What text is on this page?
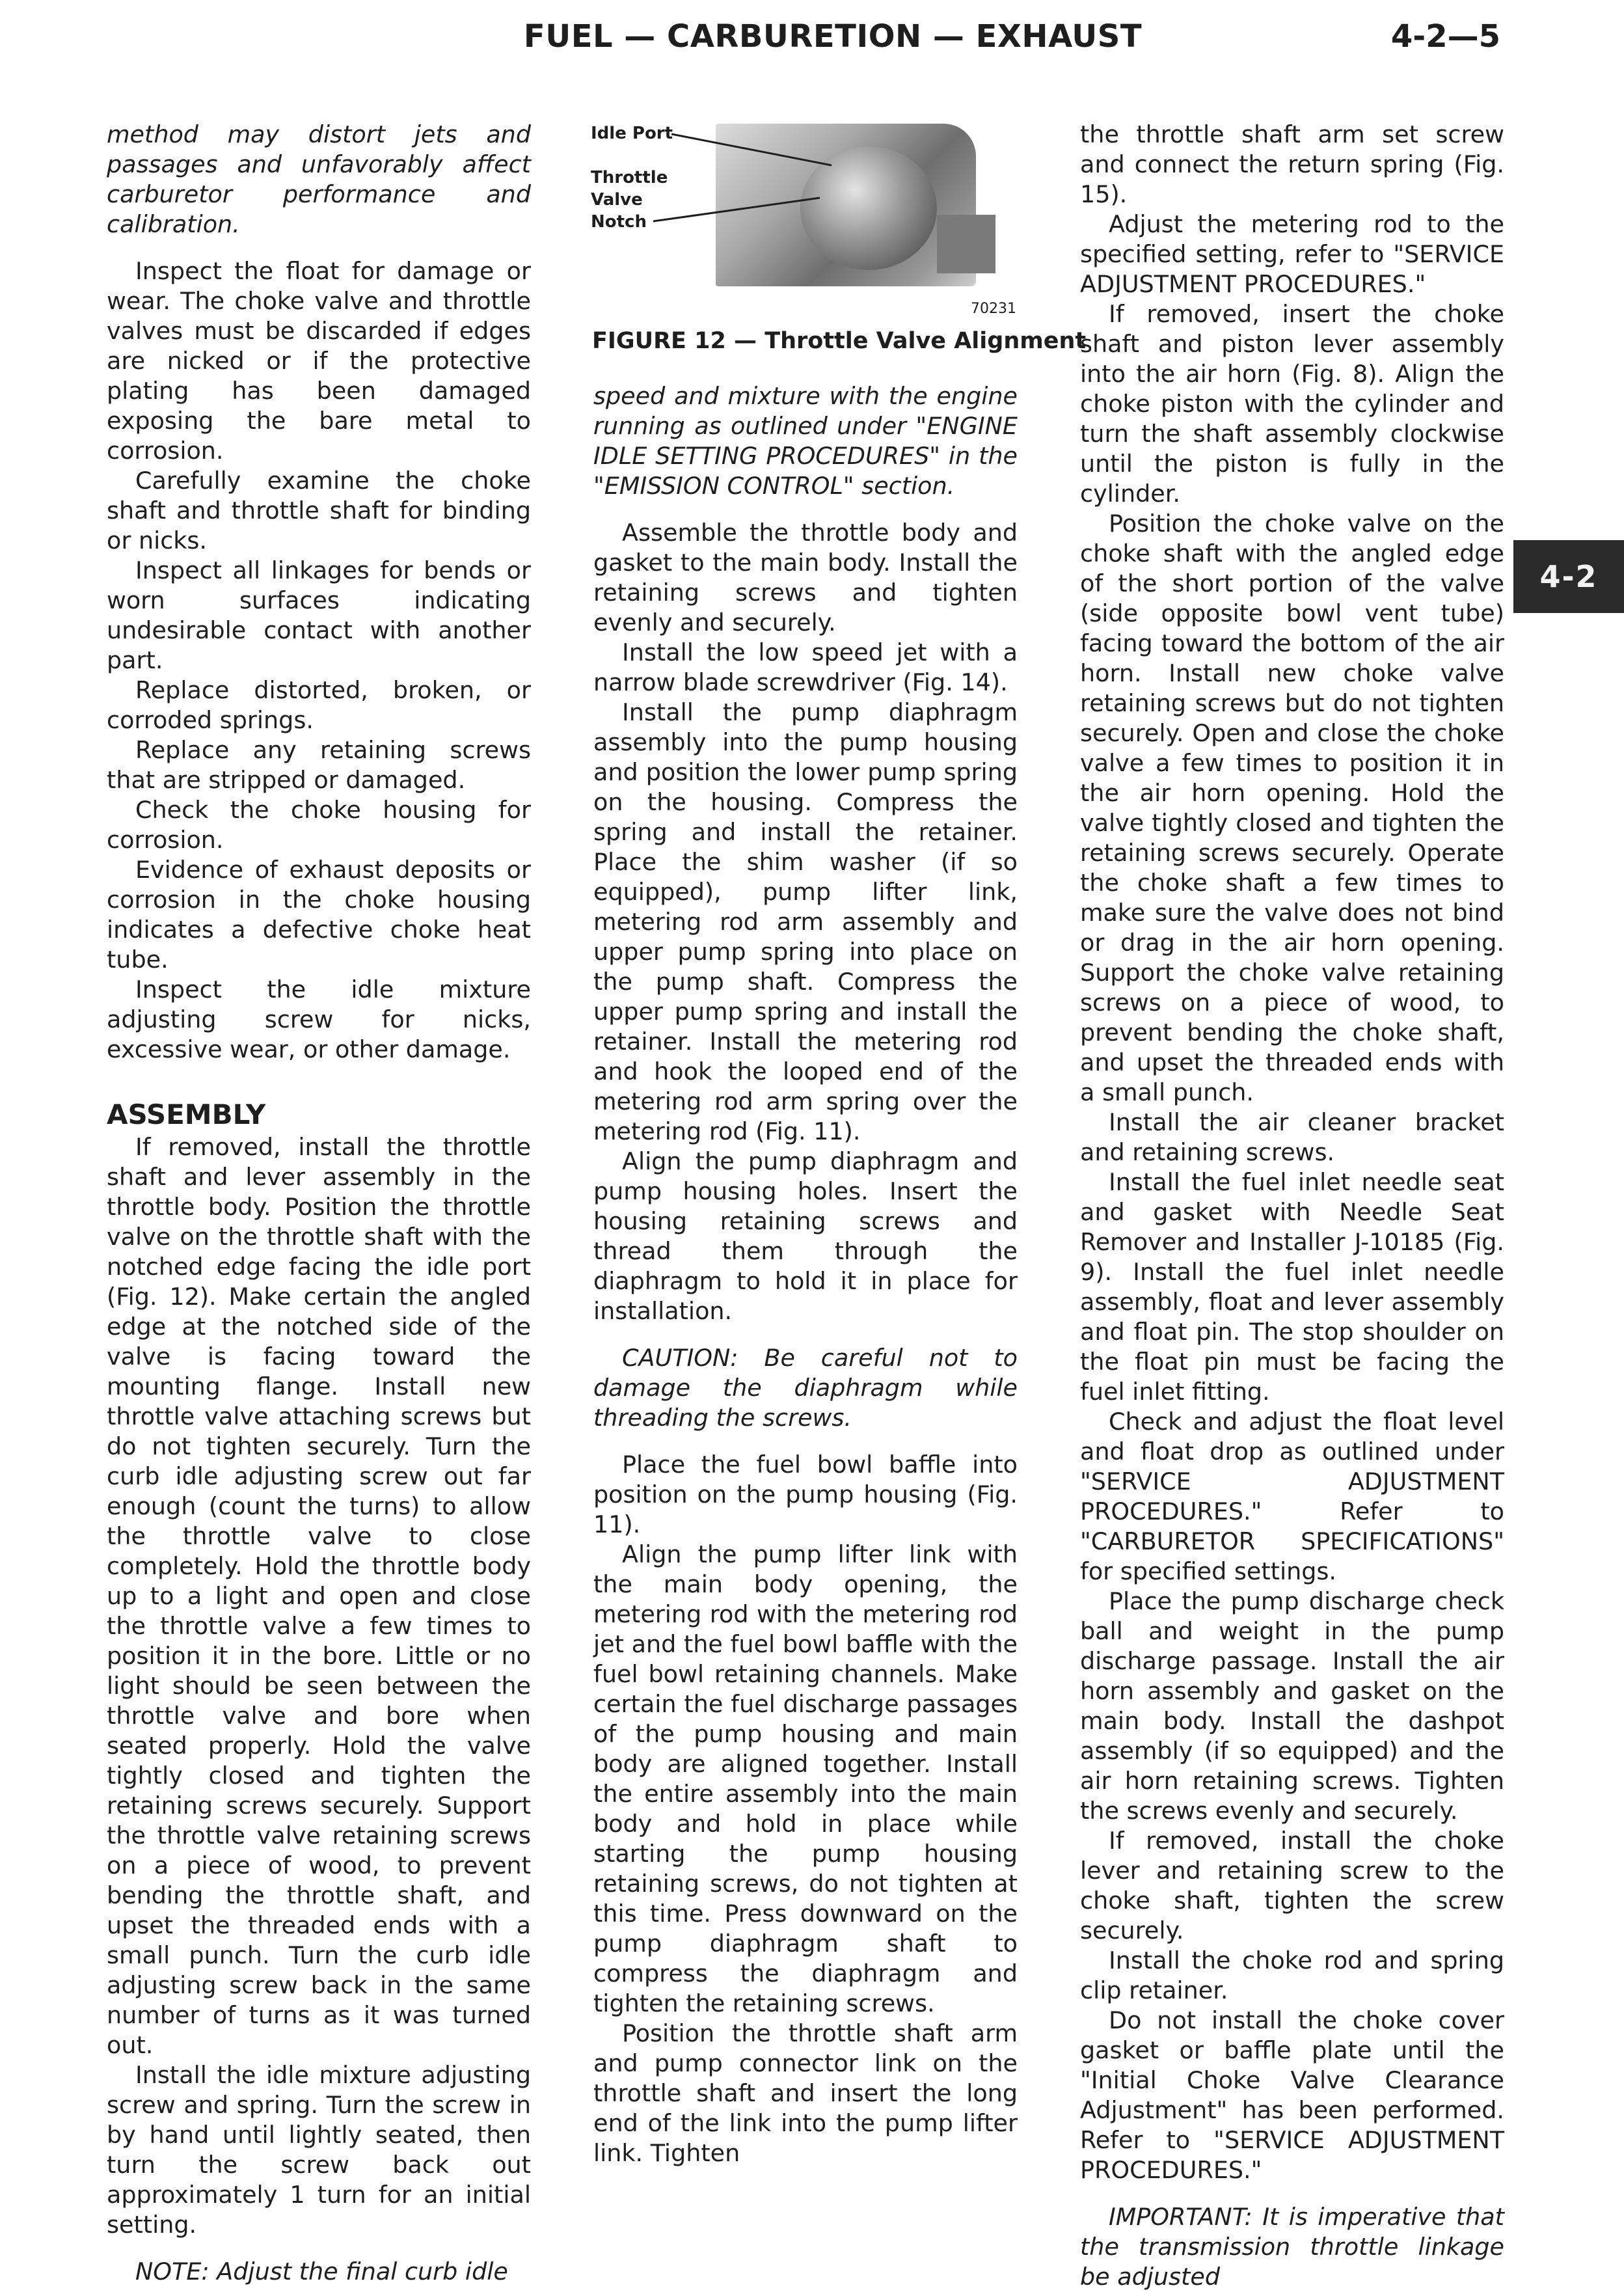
FUEL — CARBURETION — EXHAUST	4-2—5
Idle Port
Throttle
Valve
Notch
70231
FIGURE 12 — Throttle Valve Alignment
4-2

method may distort jets and passages and unfavorably affect carburetor performance and calibration.

Inspect the float for damage or wear. The choke valve and throttle valves must be discarded if edges are nicked or if the protective plating has been damaged exposing the bare metal to corrosion.

Carefully examine the choke shaft and throttle shaft for binding or nicks.

Inspect all linkages for bends or worn surfaces indicating undesirable contact with another part.

Replace distorted, broken, or corroded springs.

Replace any retaining screws that are stripped or damaged.

Check the choke housing for corrosion.

Evidence of exhaust deposits or corrosion in the choke housing indicates a defective choke heat tube.

Inspect the idle mixture adjusting screw for nicks, excessive wear, or other damage.

ASSEMBLY

If removed, install the throttle shaft and lever assembly in the throttle body. Position the throttle valve on the throttle shaft with the notched edge facing the idle port (Fig. 12). Make certain the angled edge at the notched side of the valve is facing toward the mounting flange. Install new throttle valve attaching screws but do not tighten securely. Turn the curb idle adjusting screw out far enough (count the turns) to allow the throttle valve to close completely. Hold the throttle body up to a light and open and close the throttle valve a few times to position it in the bore. Little or no light should be seen between the throttle valve and bore when seated properly. Hold the valve tightly closed and tighten the retaining screws securely. Support the throttle valve retaining screws on a piece of wood, to prevent bending the throttle shaft, and upset the threaded ends with a small punch. Turn the curb idle adjusting screw back in the same number of turns as it was turned out.

Install the idle mixture adjusting screw and spring. Turn the screw in by hand until lightly seated, then turn the screw back out approximately 1 turn for an initial setting.

NOTE: Adjust the final curb idle

speed and mixture with the engine running as outlined under "ENGINE IDLE SETTING PROCEDURES" in the "EMISSION CONTROL" section.

Assemble the throttle body and gasket to the main body. Install the retaining screws and tighten evenly and securely.

Install the low speed jet with a narrow blade screwdriver (Fig. 14).

Install the pump diaphragm assembly into the pump housing and position the lower pump spring on the housing. Compress the spring and install the retainer. Place the shim washer (if so equipped), pump lifter link, metering rod arm assembly and upper pump spring into place on the pump shaft. Compress the upper pump spring and install the retainer. Install the metering rod and hook the looped end of the metering rod arm spring over the metering rod (Fig. 11).

Align the pump diaphragm and pump housing holes. Insert the housing retaining screws and thread them through the diaphragm to hold it in place for installation.

CAUTION: Be careful not to damage the diaphragm while threading the screws.

Place the fuel bowl baffle into position on the pump housing (Fig. 11).

Align the pump lifter link with the main body opening, the metering rod with the metering rod jet and the fuel bowl baffle with the fuel bowl retaining channels. Make certain the fuel discharge passages of the pump housing and main body are aligned together. Install the entire assembly into the main body and hold in place while starting the pump housing retaining screws, do not tighten at this time. Press downward on the pump diaphragm shaft to compress the diaphragm and tighten the retaining screws.

Position the throttle shaft arm and pump connector link on the throttle shaft and insert the long end of the link into the pump lifter link. Tighten

the throttle shaft arm set screw and connect the return spring (Fig. 15).

Adjust the metering rod to the specified setting, refer to "SERVICE ADJUSTMENT PROCEDURES."

If removed, insert the choke shaft and piston lever assembly into the air horn (Fig. 8). Align the choke piston with the cylinder and turn the shaft assembly clockwise until the piston is fully in the cylinder.

Position the choke valve on the choke shaft with the angled edge of the short portion of the valve (side opposite bowl vent tube) facing toward the bottom of the air horn. Install new choke valve retaining screws but do not tighten securely. Open and close the choke valve a few times to position it in the air horn opening. Hold the valve tightly closed and tighten the retaining screws securely. Operate the choke shaft a few times to make sure the valve does not bind or drag in the air horn opening. Support the choke valve retaining screws on a piece of wood, to prevent bending the choke shaft, and upset the threaded ends with a small punch.

Install the air cleaner bracket and retaining screws.

Install the fuel inlet needle seat and gasket with Needle Seat Remover and Installer J-10185 (Fig. 9). Install the fuel inlet needle assembly, float and lever assembly and float pin. The stop shoulder on the float pin must be facing the fuel inlet fitting.

Check and adjust the float level and float drop as outlined under "SERVICE ADJUSTMENT PROCEDURES." Refer to "CARBURETOR SPECIFICATIONS" for specified settings.

Place the pump discharge check ball and weight in the pump discharge passage. Install the air horn assembly and gasket on the main body. Install the dashpot assembly (if so equipped) and the air horn retaining screws. Tighten the screws evenly and securely.

If removed, install the choke lever and retaining screw to the choke shaft, tighten the screw securely.

Install the choke rod and spring clip retainer.

Do not install the choke cover gasket or baffle plate until the "Initial Choke Valve Clearance Adjustment" has been performed. Refer to "SERVICE ADJUSTMENT PROCEDURES."

IMPORTANT: It is imperative that the transmission throttle linkage be adjusted
